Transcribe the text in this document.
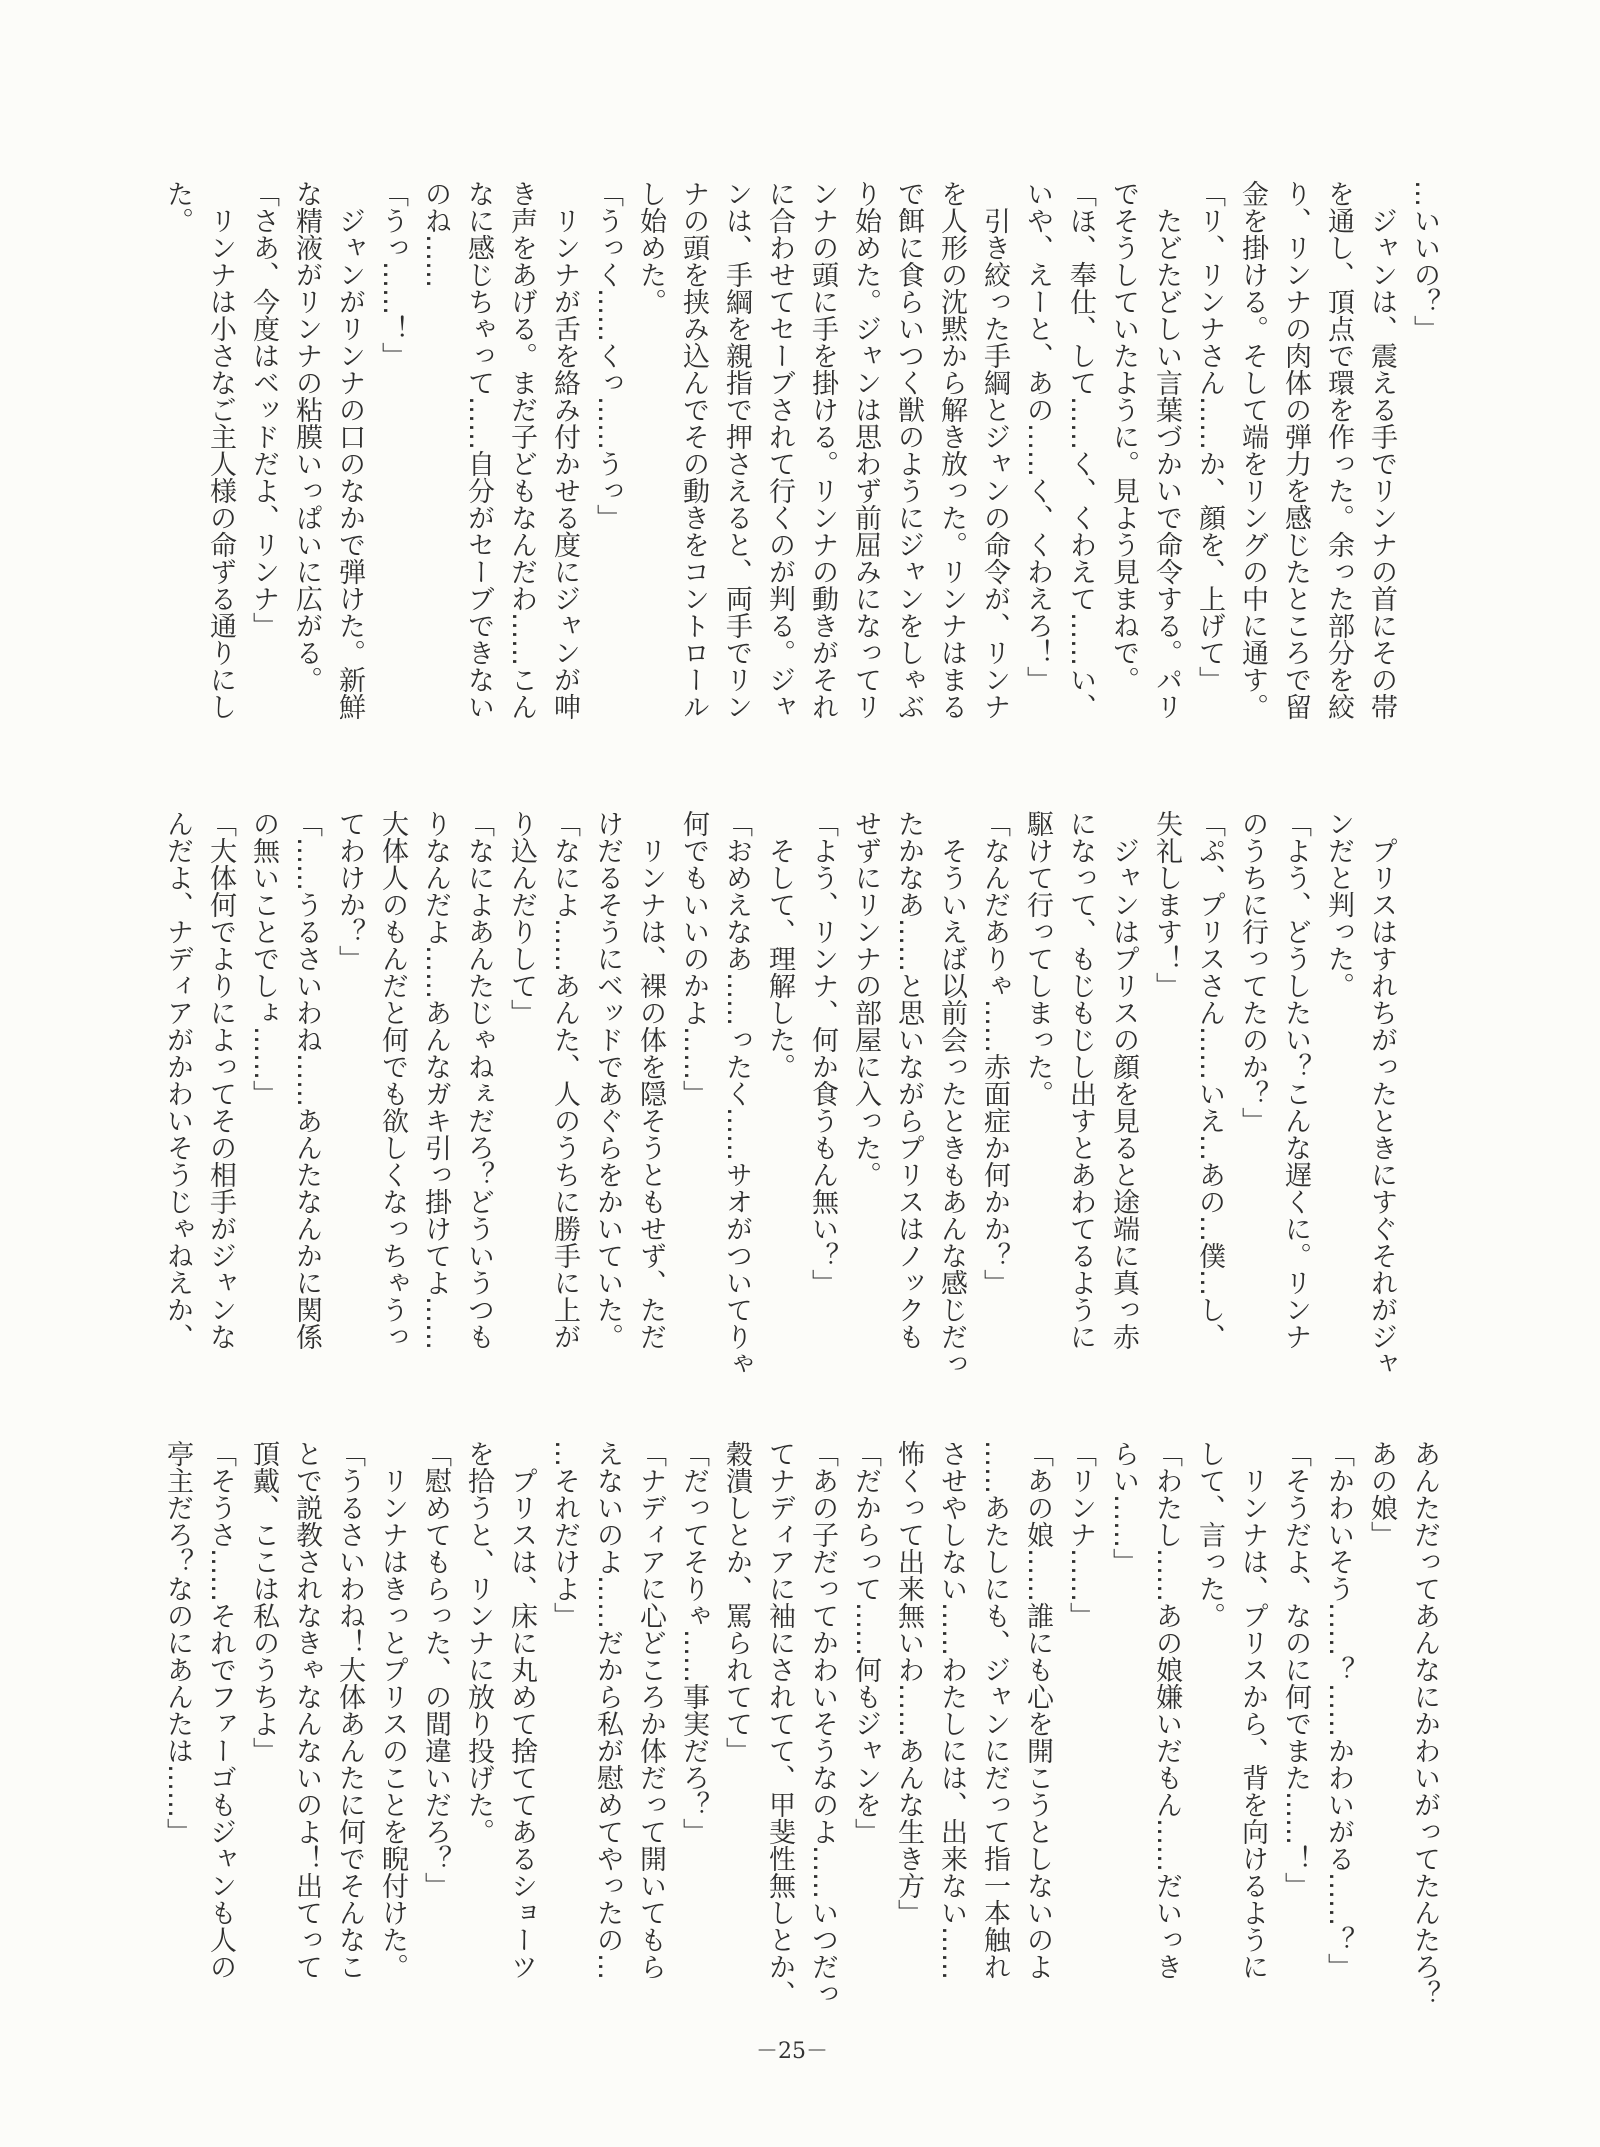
…いいの？」
　ジャンは、震える手でリンナの首にその帯
を通し、頂点で環を作った。余った部分を絞
り、リンナの肉体の弾力を感じたところで留
金を掛ける。そして端をリングの中に通す。
「リ、リンナさん……か、顔を、上げて」
　たどたどしい言葉づかいで命令する。パリ
でそうしていたように。見よう見まねで。
「ほ、奉仕、して……く、くわえて……い、
いや、えーと、あの……く、くわえろ！」
　引き絞った手綱とジャンの命令が、リンナ
を人形の沈黙から解き放った。リンナはまる
で餌に食らいつく獣のようにジャンをしゃぶ
り始めた。ジャンは思わず前屈みになってリ
ンナの頭に手を掛ける。リンナの動きがそれ
に合わせてセーブされて行くのが判る。ジャ
ンは、手綱を親指で押さえると、両手でリン
ナの頭を挟み込んでその動きをコントロール
し始めた。
「うっく……くっ……うっ」
　リンナが舌を絡み付かせる度にジャンが呻
き声をあげる。まだ子どもなんだわ……こん
なに感じちゃって……自分がセーブできない
のね……
「うっ……！」
　ジャンがリンナの口のなかで弾けた。新鮮
な精液がリンナの粘膜いっぱいに広がる。
「さあ、今度はベッドだよ、リンナ」
　リンナは小さなご主人様の命ずる通りにし
た。
　プリスはすれちがったときにすぐそれがジャ
ンだと判った。
「よう、どうしたい？こんな遅くに。リンナ
のうちに行ってたのか？」
「ぷ、プリスさん……いえ…あの…僕…し、
失礼します！」
　ジャンはプリスの顔を見ると途端に真っ赤
になって、もじもじし出すとあわてるように
駆けて行ってしまった。
「なんだありゃ……赤面症か何かか？」
　そういえば以前会ったときもあんな感じだっ
たかなあ……と思いながらプリスはノックも
せずにリンナの部屋に入った。
「よう、リンナ、何か食うもん無い？」
　そして、理解した。
「おめえなあ……ったく……サオがついてりゃ
何でもいいのかよ……」
　リンナは、裸の体を隠そうともせず、ただ
けだるそうにベッドであぐらをかいていた。
「なによ……あんた、人のうちに勝手に上が
り込んだりして」
「なによあんたじゃねぇだろ？どういうつも
りなんだよ……あんなガキ引っ掛けてよ……
大体人のもんだと何でも欲しくなっちゃうっ
てわけか？」
「……うるさいわね……あんたなんかに関係
の無いことでしょ……」
「大体何でよりによってその相手がジャンな
んだよ、ナディアがかわいそうじゃねえか、
あんただってあんなにかわいがってたんたろ？
あの娘」
「かわいそう……？……かわいがる……？」
「そうだよ、なのに何でまた……！」
　リンナは、プリスから、背を向けるように
して、言った。
「わたし……あの娘嫌いだもん……だいっき
らい……」
「リンナ……」
「あの娘……誰にも心を開こうとしないのよ
……あたしにも、ジャンにだって指一本触れ
させやしない……わたしには、出来ない……
怖くって出来無いわ……あんな生き方」
「だからって……何もジャンを」
「あの子だってかわいそうなのよ……いつだっ
てナディアに袖にされてて、甲斐性無しとか、
穀潰しとか、罵られてて」
「だってそりゃ……事実だろ？」
「ナディアに心どころか体だって開いてもら
えないのよ……だから私が慰めてやったの…
…それだけよ」
　プリスは、床に丸めて捨ててあるショーツ
を拾うと、リンナに放り投げた。
「慰めてもらった、の間違いだろ？」
　リンナはきっとプリスのことを睨付けた。
「うるさいわね！大体あんたに何でそんなこ
とで説教されなきゃなんないのよ！出てって
頂戴、ここは私のうちよ」
「そうさ……それでファーゴもジャンも人の
亭主だろ？なのにあんたは……」
－25－
